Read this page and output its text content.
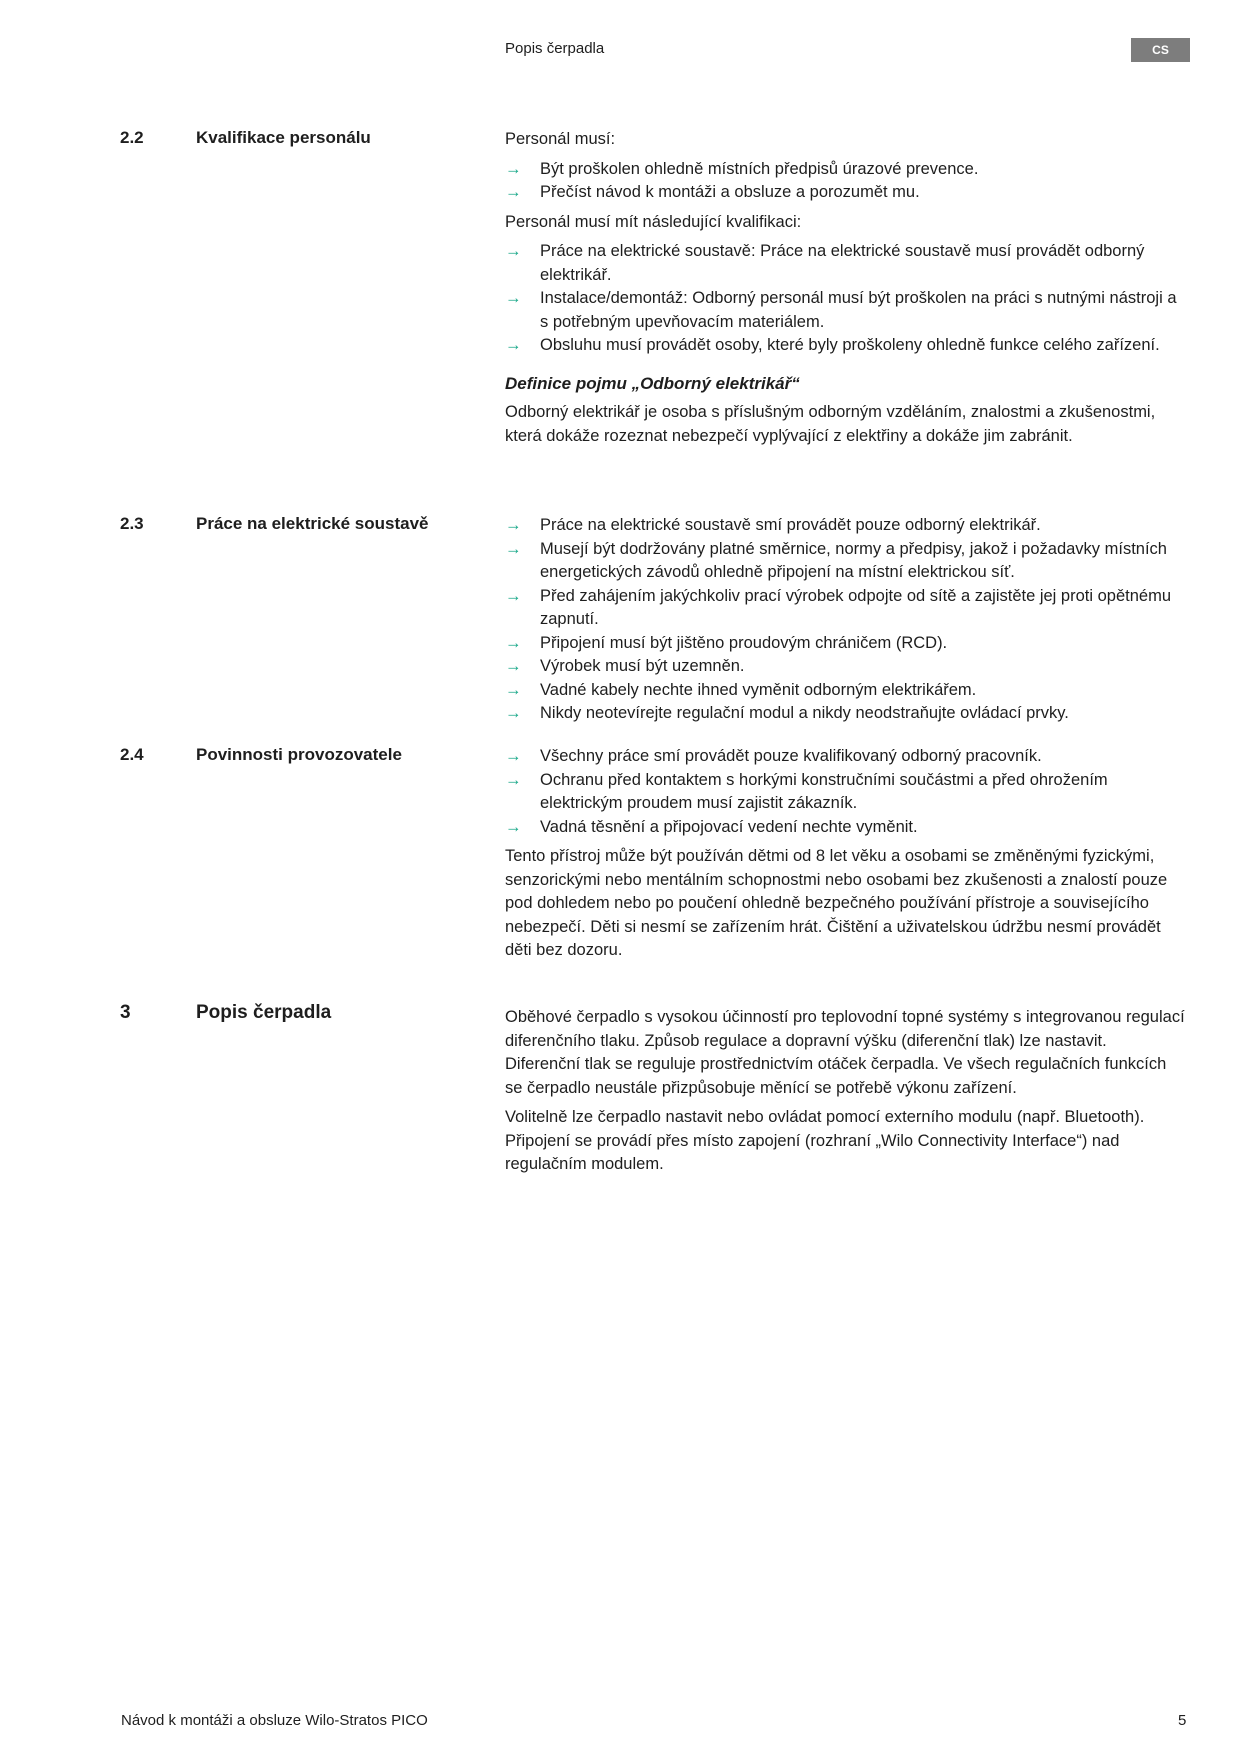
Popis čerpadla	CS
2.2	Kvalifikace personálu	Personál musí:

→ Být proškolen ohledně místních předpisů úrazové prevence.
→ Přečíst návod k montáži a obsluze a porozumět mu.

Personál musí mít následující kvalifikaci:

→ Práce na elektrické soustavě: Práce na elektrické soustavě musí provádět odborný elektrikář.
→ Instalace/demontáž: Odborný personál musí být proškolen na práci s nutnými nástroji a s potřebným upevňovacím materiálem.
→ Obsluhu musí provádět osoby, které byly proškoleny ohledně funkce celého zařízení.
Definice pojmu „Odborný elektrikář“

Odborný elektrikář je osoba s příslušným odborným vzděláním, znalostmi a zkušenostmi, která dokáže rozeznat nebezpečí vyplývající z elektřiny a dokáže jim zabránit.

2.3	Práce na elektrické soustavě	→ Práce na elektrické soustavě smí provádět pouze odborný elektrikář.
→ Musejí být dodržovány platné směrnice, normy a předpisy, jakož i požadavky místních energetických závodů ohledně připojení na místní elektrickou síť.
→ Před zahájením jakýchkoliv prací výrobek odpojte od sítě a zajistěte jej proti opětnému zapnutí.
→ Připojení musí být jištěno proudovým chráničem (RCD).
→ Výrobek musí být uzemněn.
→ Vadné kabely nechte ihned vyměnit odborným elektrikářem.
→ Nikdy neotevírejte regulační modul a nikdy neodstraňujte ovládací prvky.
2.4	Povinnosti provozovatele	→ Všechny práce smí provádět pouze kvalifikovaný odborný pracovník.
→ Ochranu před kontaktem s horkými konstručními součástmi a před ohrožením elektrickým proudem musí zajistit zákazník.
→ Vadná těsnění a připojovací vedení nechte vyměnit.

Tento přístroj může být používán dětmi od 8 let věku a osobami se změněnými fyzickými, senzorickými nebo mentálním schopnostmi nebo osobami bez zkušenosti a znalostí pouze pod dohledem nebo po poučení ohledně bezpečného používání přístroje a souvisejícího nebezpečí. Děti si nesmí se zařízením hrát. Čištění a uživatelskou údržbu nesmí provádět děti bez dozoru.

3	Popis čerpadla	Oběhové čerpadlo s vysokou účinností pro teplovodní topné systémy s integrovanou regulací diferenčního tlaku. Způsob regulace a dopravní výšku (diferenční tlak) lze nastavit. Diferenční tlak se reguluje prostřednictvím otáček čerpadla. Ve všech regulačních funkcích se čerpadlo neustále přizpůsobuje měnící se potřebě výkonu zařízení.

Volitelně lze čerpadlo nastavit nebo ovládat pomocí externího modulu (např. Bluetooth). Připojení se provádí přes místo zapojení (rozhraní „Wilo Connectivity Interface“) nad regulačním modulem.

Návod k montáži a obsluze Wilo-Stratos PICO	5
